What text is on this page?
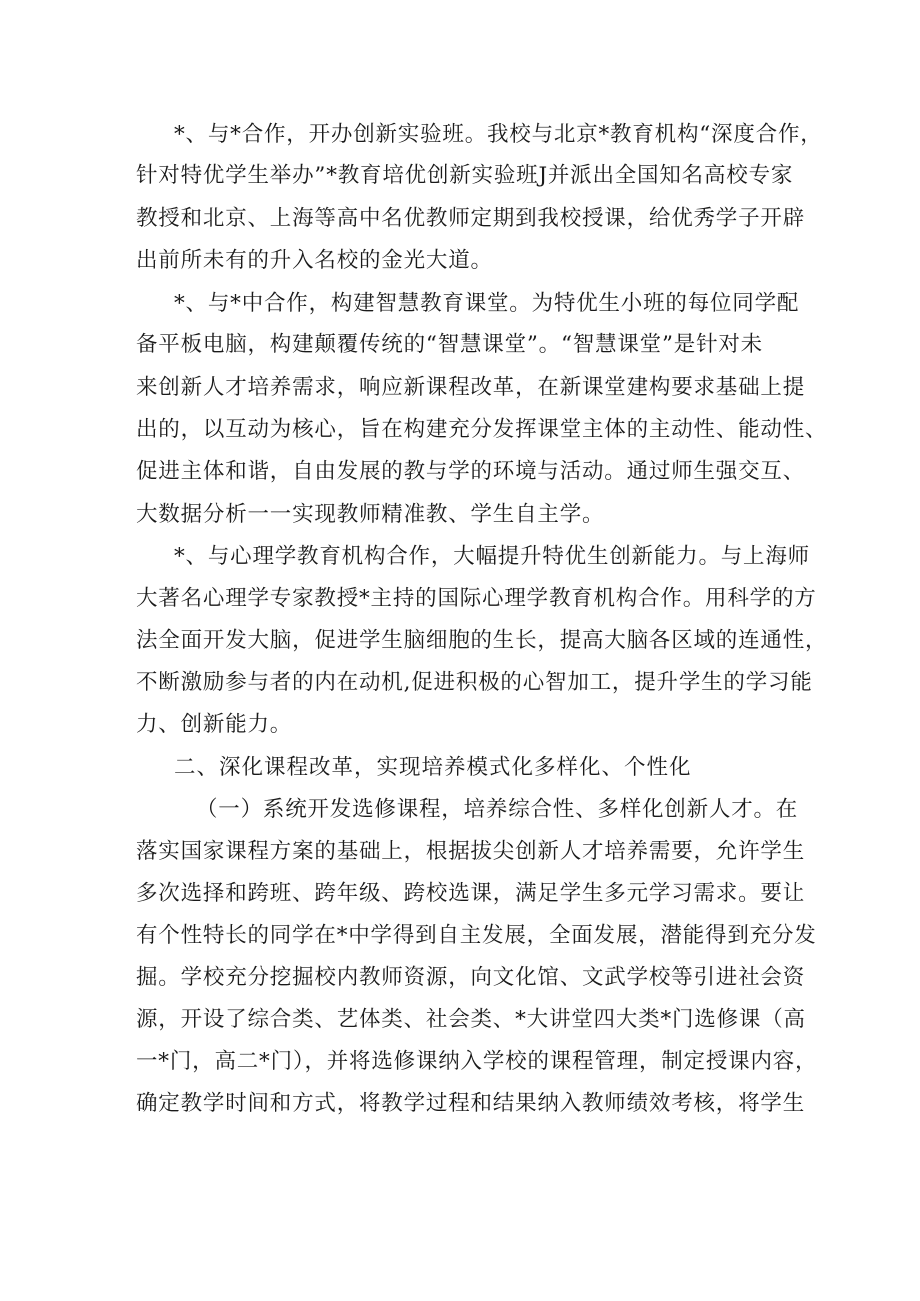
*、与*合作，开办创新实验班。我校与北京*教育机构“深度合作，
针对特优学生举办”*教育培优创新实验班J并派出全国知名高校专家
教授和北京、上海等高中名优教师定期到我校授课，给优秀学子开辟
出前所未有的升入名校的金光大道。
*、与*中合作，构建智慧教育课堂。为特优生小班的每位同学配
备平板电脑，构建颠覆传统的“智慧课堂”。“智慧课堂”是针对未
来创新人才培养需求，响应新课程改革，在新课堂建构要求基础上提
出的，以互动为核心，旨在构建充分发挥课堂主体的主动性、能动性、
促进主体和谐，自由发展的教与学的环境与活动。通过师生强交互、
大数据分析一一实现教师精准教、学生自主学。
*、与心理学教育机构合作，大幅提升特优生创新能力。与上海师
大著名心理学专家教授*主持的国际心理学教育机构合作。用科学的方
法全面开发大脑，促进学生脑细胞的生长，提高大脑各区域的连通性，
不断激励参与者的内在动机,促进积极的心智加工，提升学生的学习能
力、创新能力。
二、深化课程改革，实现培养模式化多样化、个性化
（一）系统开发选修课程，培养综合性、多样化创新人才。在
落实国家课程方案的基础上，根据拔尖创新人才培养需要，允许学生
多次选择和跨班、跨年级、跨校选课，满足学生多元学习需求。要让
有个性特长的同学在*中学得到自主发展，全面发展，潜能得到充分发
掘。学校充分挖掘校内教师资源，向文化馆、文武学校等引进社会资
源，开设了综合类、艺体类、社会类、*大讲堂四大类*门选修课（高
一*门，高二*门），并将选修课纳入学校的课程管理，制定授课内容，
确定教学时间和方式，将教学过程和结果纳入教师绩效考核，将学生
